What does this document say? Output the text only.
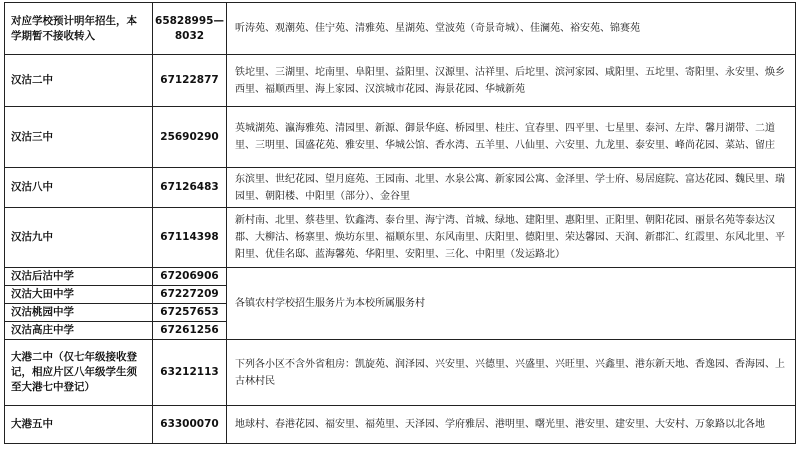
对应学校预计明年招生，本学期暂不接收转入	65828995—8032	听涛苑、观潮苑、佳宁苑、清雅苑、星湖苑、堂波苑（奇景奇城）、佳澜苑、裕安苑、锦赛苑
汉沽二中	67122877	铁坨里、三湖里、坨南里、阜阳里、益阳里、汉源里、沽祥里、后坨里、滨河家园、咸阳里、五坨里、寄阳里、永安里、焕乡西里、福顺西里、海上家园、汉滨城市花园、海景花园、华城新苑
汉沽三中	25690290	英城湖苑、瀛海雅苑、清园里、新源、御景华庭、桥园里、桂庄、宜春里、四平里、七星里、泰河、左岸、馨月湖带、二道里、三明里、国盛花苑、雅安里、华城公馆、香水湾、五羊里、八仙里、六安里、九龙里、泰安里、峰尚花园、菜站、留庄
汉沽八中	67126483	东滨里、世纪花园、望月庭苑、王园南、北里、水泉公寓、新家园公寓、金泽里、学士府、易居庭院、富达花园、魏民里、瑞园里、朝阳楼、中阳里（部分）、金谷里
汉沽九中	67114398	新村南、北里、蔡巷里、钦鑫湾、泰台里、海宁湾、首城、绿地、建阳里、惠阳里、正阳里、朝阳花园、丽景名苑等泰达汉郡、大柳沽、杨寨里、焕坊东里、福顺东里、东风南里、庆阳里、德阳里、荣达馨园、天润、新郡汇、红霞里、东风北里、平阳里、优佳名邸、蓝海馨苑、华阳里、安阳里、三化、中阳里（发运路北）
汉沽后沽中学	67206906	各镇农村学校招生服务片为本校所属服务村
汉沽大田中学	67227209	
汉沽桃园中学	67257653	
汉沽高庄中学	67261256	
大港二中（仅七年级接收登记，相应片区八年级学生须至大港七中登记）	63212113	下列各小区不含外省租房：凯旋苑、润泽园、兴安里、兴德里、兴盛里、兴旺里、兴鑫里、港东新天地、香逸园、香海园、上古林村民
大港五中	63300070	地球村、春港花园、福安里、福苑里、天泽园、学府雅居、港明里、曙光里、港安里、建安里、大安村、万象路以北各地
